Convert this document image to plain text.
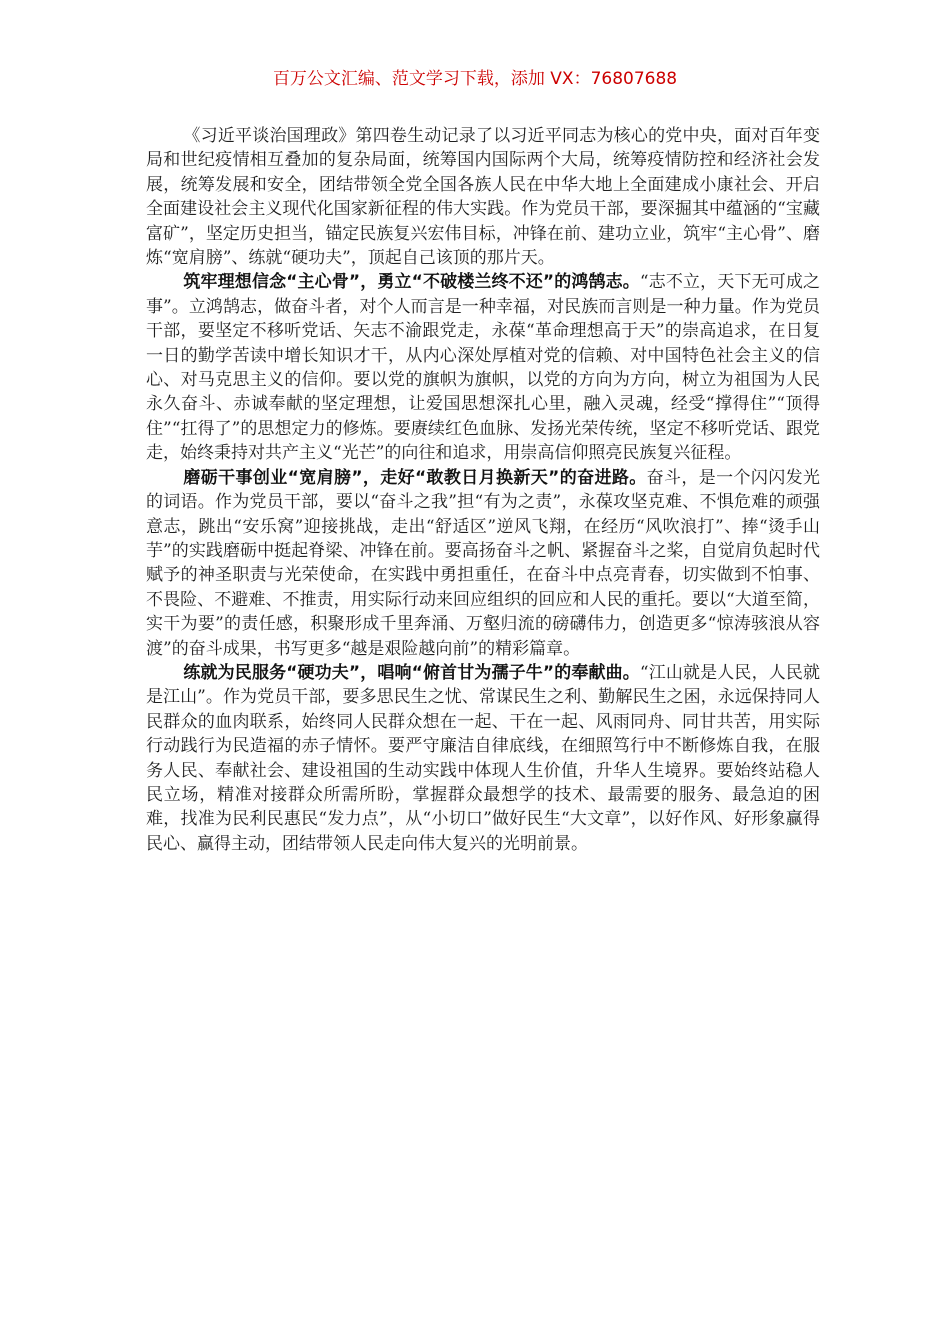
百万公文汇编、范文学习下载，添加 VX：76807688

《习近平谈治国理政》第四卷生动记录了以习近平同志为核心的党中央，面对百年变局和世纪疫情相互叠加的复杂局面，统筹国内国际两个大局，统筹疫情防控和经济社会发展，统筹发展和安全，团结带领全党全国各族人民在中华大地上全面建成小康社会、开启全面建设社会主义现代化国家新征程的伟大实践。作为党员干部，要深掘其中蕴涵的“宝藏富矿”，坚定历史担当，锚定民族复兴宏伟目标，冲锋在前、建功立业，筑牢“主心骨”、磨炼“宽肩膀”、练就“硬功夫”，顶起自己该顶的那片天。

筑牢理想信念“主心骨”，勇立“不破楼兰终不还”的鸿鹄志。“志不立，天下无可成之事”。立鸿鹄志，做奋斗者，对个人而言是一种幸福，对民族而言则是一种力量。作为党员干部，要坚定不移听党话、矢志不渝跟党走，永葆“革命理想高于天”的崇高追求，在日复一日的勤学苦读中增长知识才干，从内心深处厚植对党的信赖、对中国特色社会主义的信心、对马克思主义的信仰。要以党的旗帜为旗帜，以党的方向为方向，树立为祖国为人民永久奋斗、赤诚奉献的坚定理想，让爱国思想深扎心里，融入灵魂，经受“撑得住”“顶得住”“扛得了”的思想定力的修炼。要赓续红色血脉、发扬光荣传统，坚定不移听党话、跟党走，始终秉持对共产主义“光芒”的向往和追求，用崇高信仰照亮民族复兴征程。

磨砺干事创业“宽肩膀”，走好“敢教日月换新天”的奋进路。奋斗，是一个闪闪发光的词语。作为党员干部，要以“奋斗之我”担“有为之责”，永葆攻坚克难、不惧危难的顽强意志，跳出“安乐窝”迎接挑战，走出“舒适区”逆风飞翔，在经历“风吹浪打”、捧“烫手山芋”的实践磨砺中挺起脊梁、冲锋在前。要高扬奋斗之帆、紧握奋斗之桨，自觉肩负起时代赋予的神圣职责与光荣使命，在实践中勇担重任，在奋斗中点亮青春，切实做到不怕事、不畏险、不避难、不推责，用实际行动来回应组织的回应和人民的重托。要以“大道至简，实干为要”的责任感，积聚形成千里奔涌、万壑归流的磅礴伟力，创造更多“惊涛骇浪从容渡”的奋斗成果，书写更多“越是艰险越向前”的精彩篇章。

练就为民服务“硬功夫”，唱响“俯首甘为孺子牛”的奉献曲。“江山就是人民，人民就是江山”。作为党员干部，要多思民生之忧、常谋民生之利、勤解民生之困，永远保持同人民群众的血肉联系，始终同人民群众想在一起、干在一起、风雨同舟、同甘共苦，用实际行动践行为民造福的赤子情怀。要严守廉洁自律底线，在细照笃行中不断修炼自我，在服务人民、奉献社会、建设祖国的生动实践中体现人生价值，升华人生境界。要始终站稳人民立场，精准对接群众所需所盼，掌握群众最想学的技术、最需要的服务、最急迫的困难，找准为民利民惠民“发力点”，从“小切口”做好民生“大文章”，以好作风、好形象赢得民心、赢得主动，团结带领人民走向伟大复兴的光明前景。
